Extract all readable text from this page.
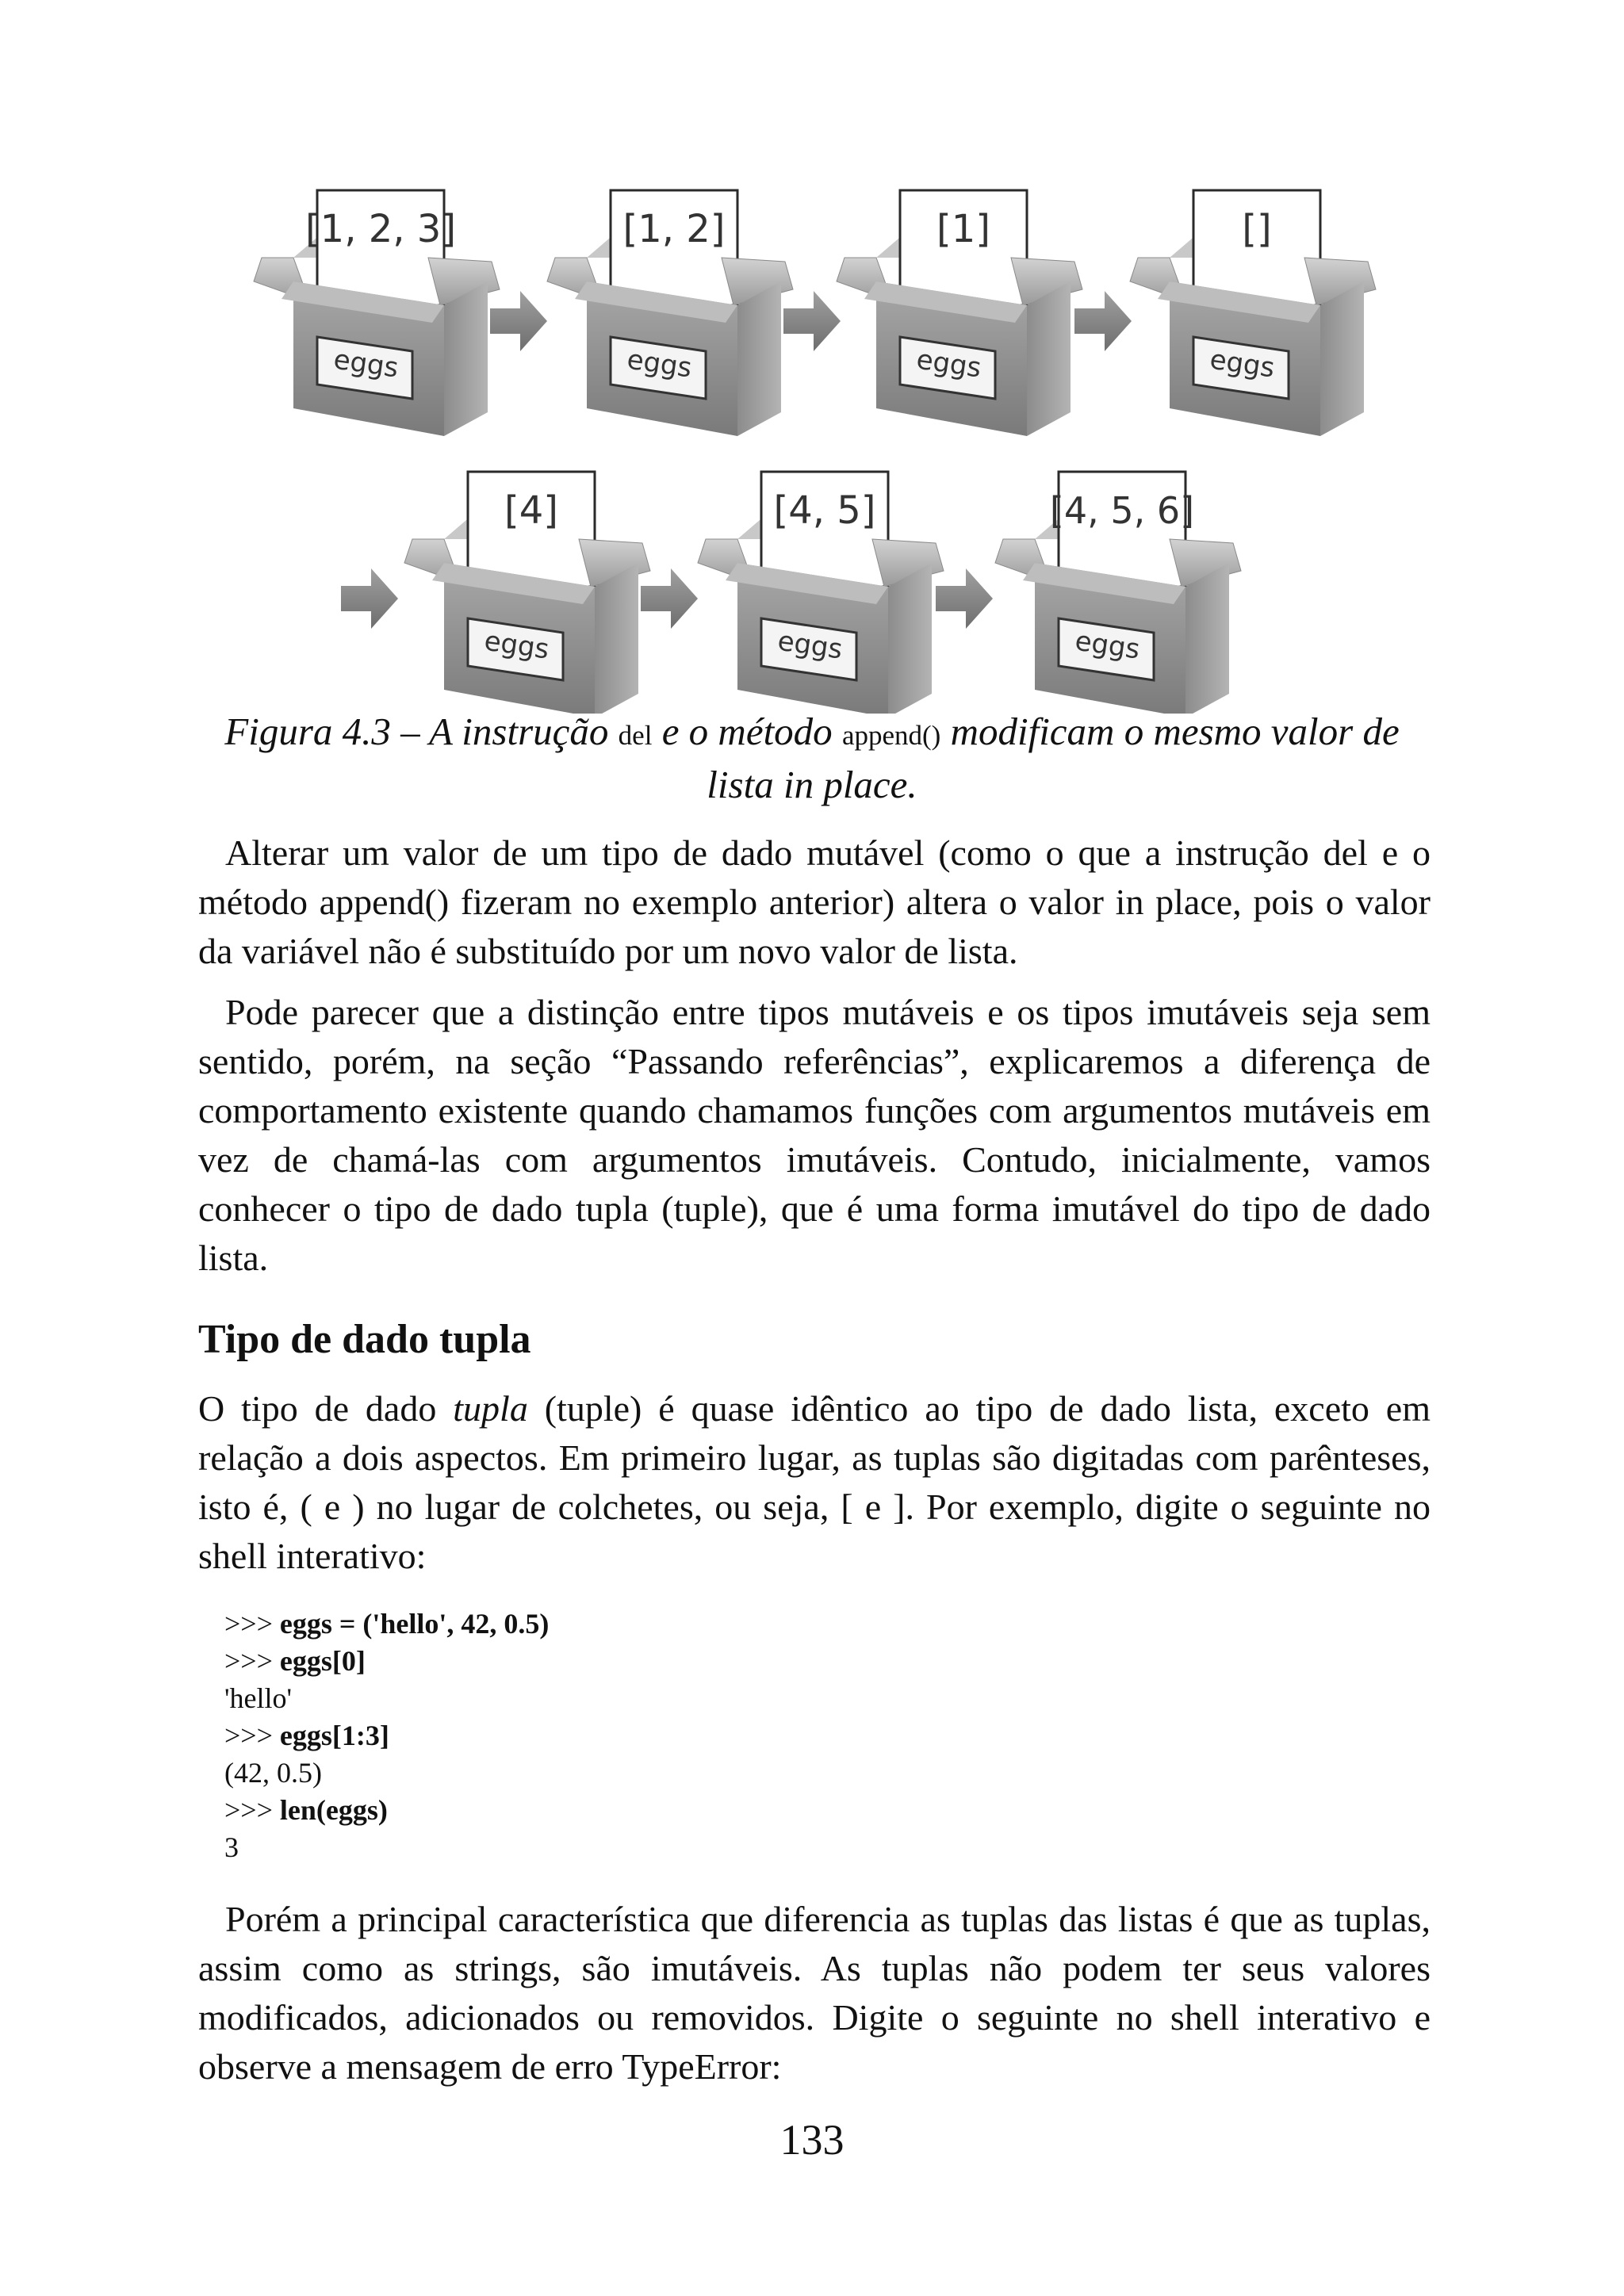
[1, 2, 3]
eggs
[1, 2]
eggs
[1]
eggs
[]
eggs
[4]
eggs
[4, 5]
eggs
[4, 5, 6]
eggs
Figura 4.3 – A instrução del e o método append() modificam o mesmo valor de lista in place.

Alterar um valor de um tipo de dado mutável (como o que a instrução del e o método append() fizeram no exemplo anterior) altera o valor in place, pois o valor da variável não é substituído por um novo valor de lista.

Pode parecer que a distinção entre tipos mutáveis e os tipos imutáveis seja sem sentido, porém, na seção “Passando referências”, explicaremos a diferença de comportamento existente quando chamamos funções com argumentos mutáveis em vez de chamá-las com argumentos imutáveis. Contudo, inicialmente, vamos conhecer o tipo de dado tupla (tuple), que é uma forma imutável do tipo de dado lista.

Tipo de dado tupla

O tipo de dado tupla (tuple) é quase idêntico ao tipo de dado lista, exceto em relação a dois aspectos. Em primeiro lugar, as tuplas são digitadas com parênteses, isto é, ( e ) no lugar de colchetes, ou seja, [ e ]. Por exemplo, digite o seguinte no shell interativo:

>>> eggs = ('hello', 42, 0.5)
>>> eggs[0]
'hello'
>>> eggs[1:3]
(42, 0.5)
>>> len(eggs)
3

Porém a principal característica que diferencia as tuplas das listas é que as tuplas, assim como as strings, são imutáveis. As tuplas não podem ter seus valores modificados, adicionados ou removidos. Digite o seguinte no shell interativo e observe a mensagem de erro TypeError:

133
